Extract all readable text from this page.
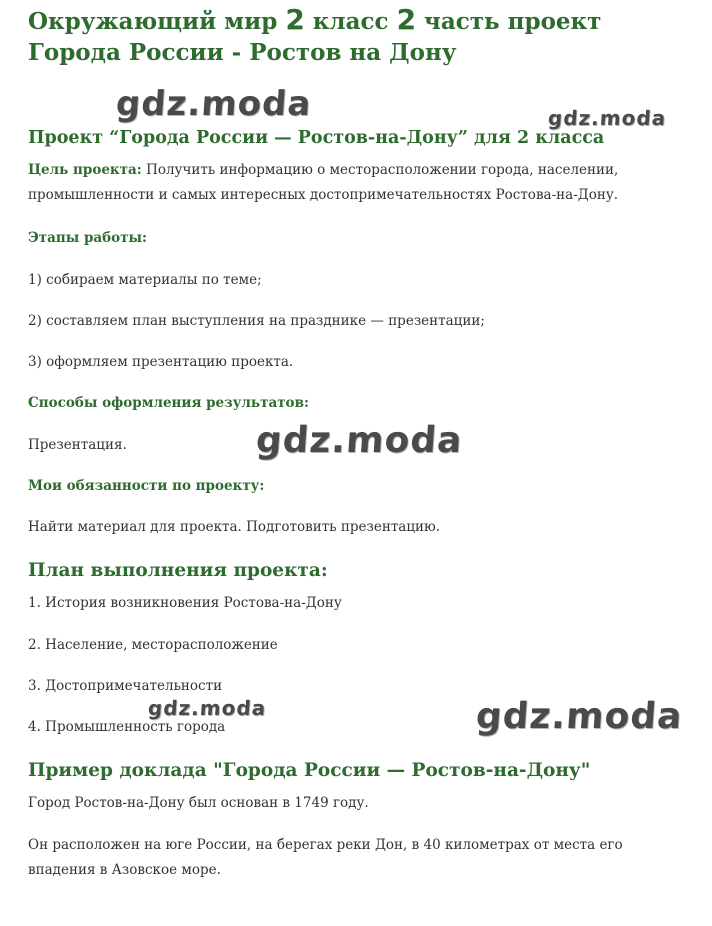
Окружающий мир 2 класс 2 часть проект Города России - Ростов на Дону
gdz.moda	gdz.moda
Проект “Города России — Ростов-на-Дону” для 2 класса

Цель проекта: Получить информацию о месторасположении города, населении, промышленности и самых интересных достопримечательностях Ростова-на-Дону.

Этапы работы:

1) собираем материалы по теме;

2) составляем план выступления на празднике — презентации;

3) оформляем презентацию проекта.

Способы оформления результатов:

Презентация.	gdz.moda

Мои обязанности по проекту:

Найти материал для проекта. Подготовить презентацию.

План выполнения проекта:

1. История возникновения Ростова-на-Дону

2. Население, месторасположение

3. Достопримечательности

gdz.moda

4. Промышленность города	gdz.moda
Пример доклада "Города России — Ростов-на-Дону"

Город Ростов-на-Дону был основан в 1749 году.

Он расположен на юге России, на берегах реки Дон, в 40 километрах от места его впадения в Азовское море.
